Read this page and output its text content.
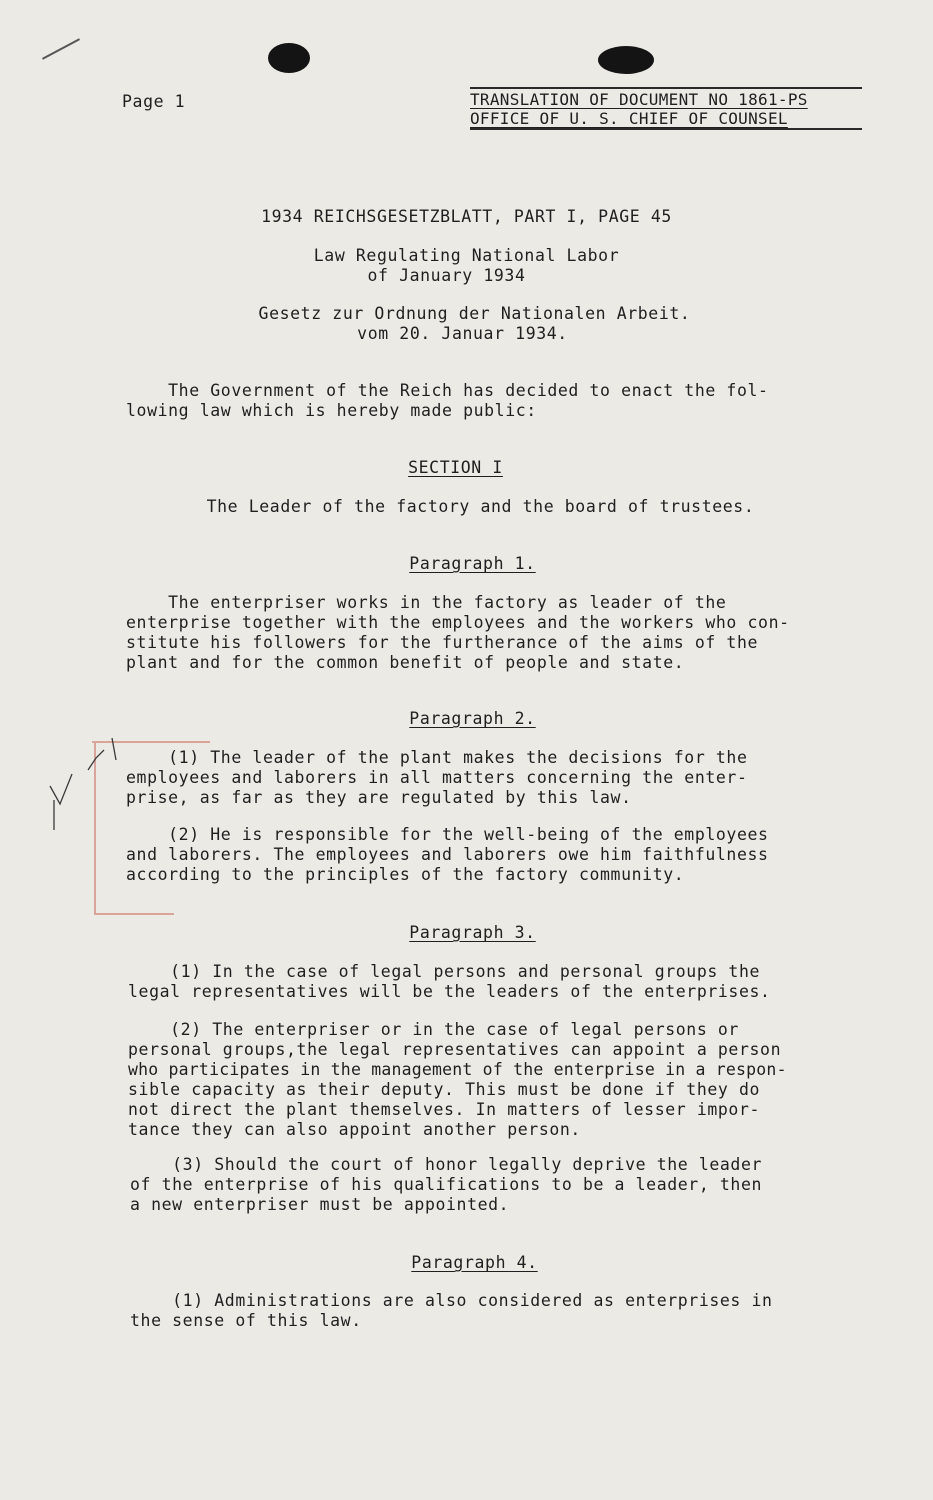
Page 1	TRANSLATION OF DOCUMENT NO 1861-PS
OFFICE OF U. S. CHIEF OF COUNSEL
1934 REICHSGESETZBLATT, PART I, PAGE 45
Law Regulating National Labor
of January 1934
Gesetz zur Ordnung der Nationalen Arbeit.
vom 20. Januar 1934.
The Government of the Reich has decided to enact the fol-
lowing law which is hereby made public:
SECTION I
The Leader of the factory and the board of trustees.
Paragraph 1.
The enterpriser works in the factory as leader of the
enterprise together with the employees and the workers who con-
stitute his followers for the furtherance of the aims of the
plant and for the common benefit of people and state.
Paragraph 2.
(1) The leader of the plant makes the decisions for the
employees and laborers in all matters concerning the enter-
prise, as far as they are regulated by this law.
(2) He is responsible for the well-being of the employees
and laborers. The employees and laborers owe him faithfulness
according to the principles of the factory community.
Paragraph 3.
(1) In the case of legal persons and personal groups the
legal representatives will be the leaders of the enterprises.
(2) The enterpriser or in the case of legal persons or
personal groups,the legal representatives can appoint a person
who participates in the management of the enterprise in a respon-
sible capacity as their deputy. This must be done if they do
not direct the plant themselves. In matters of lesser impor-
tance they can also appoint another person.
(3) Should the court of honor legally deprive the leader
of the enterprise of his qualifications to be a leader, then
a new enterpriser must be appointed.
Paragraph 4.
(1) Administrations are also considered as enterprises in
the sense of this law.
